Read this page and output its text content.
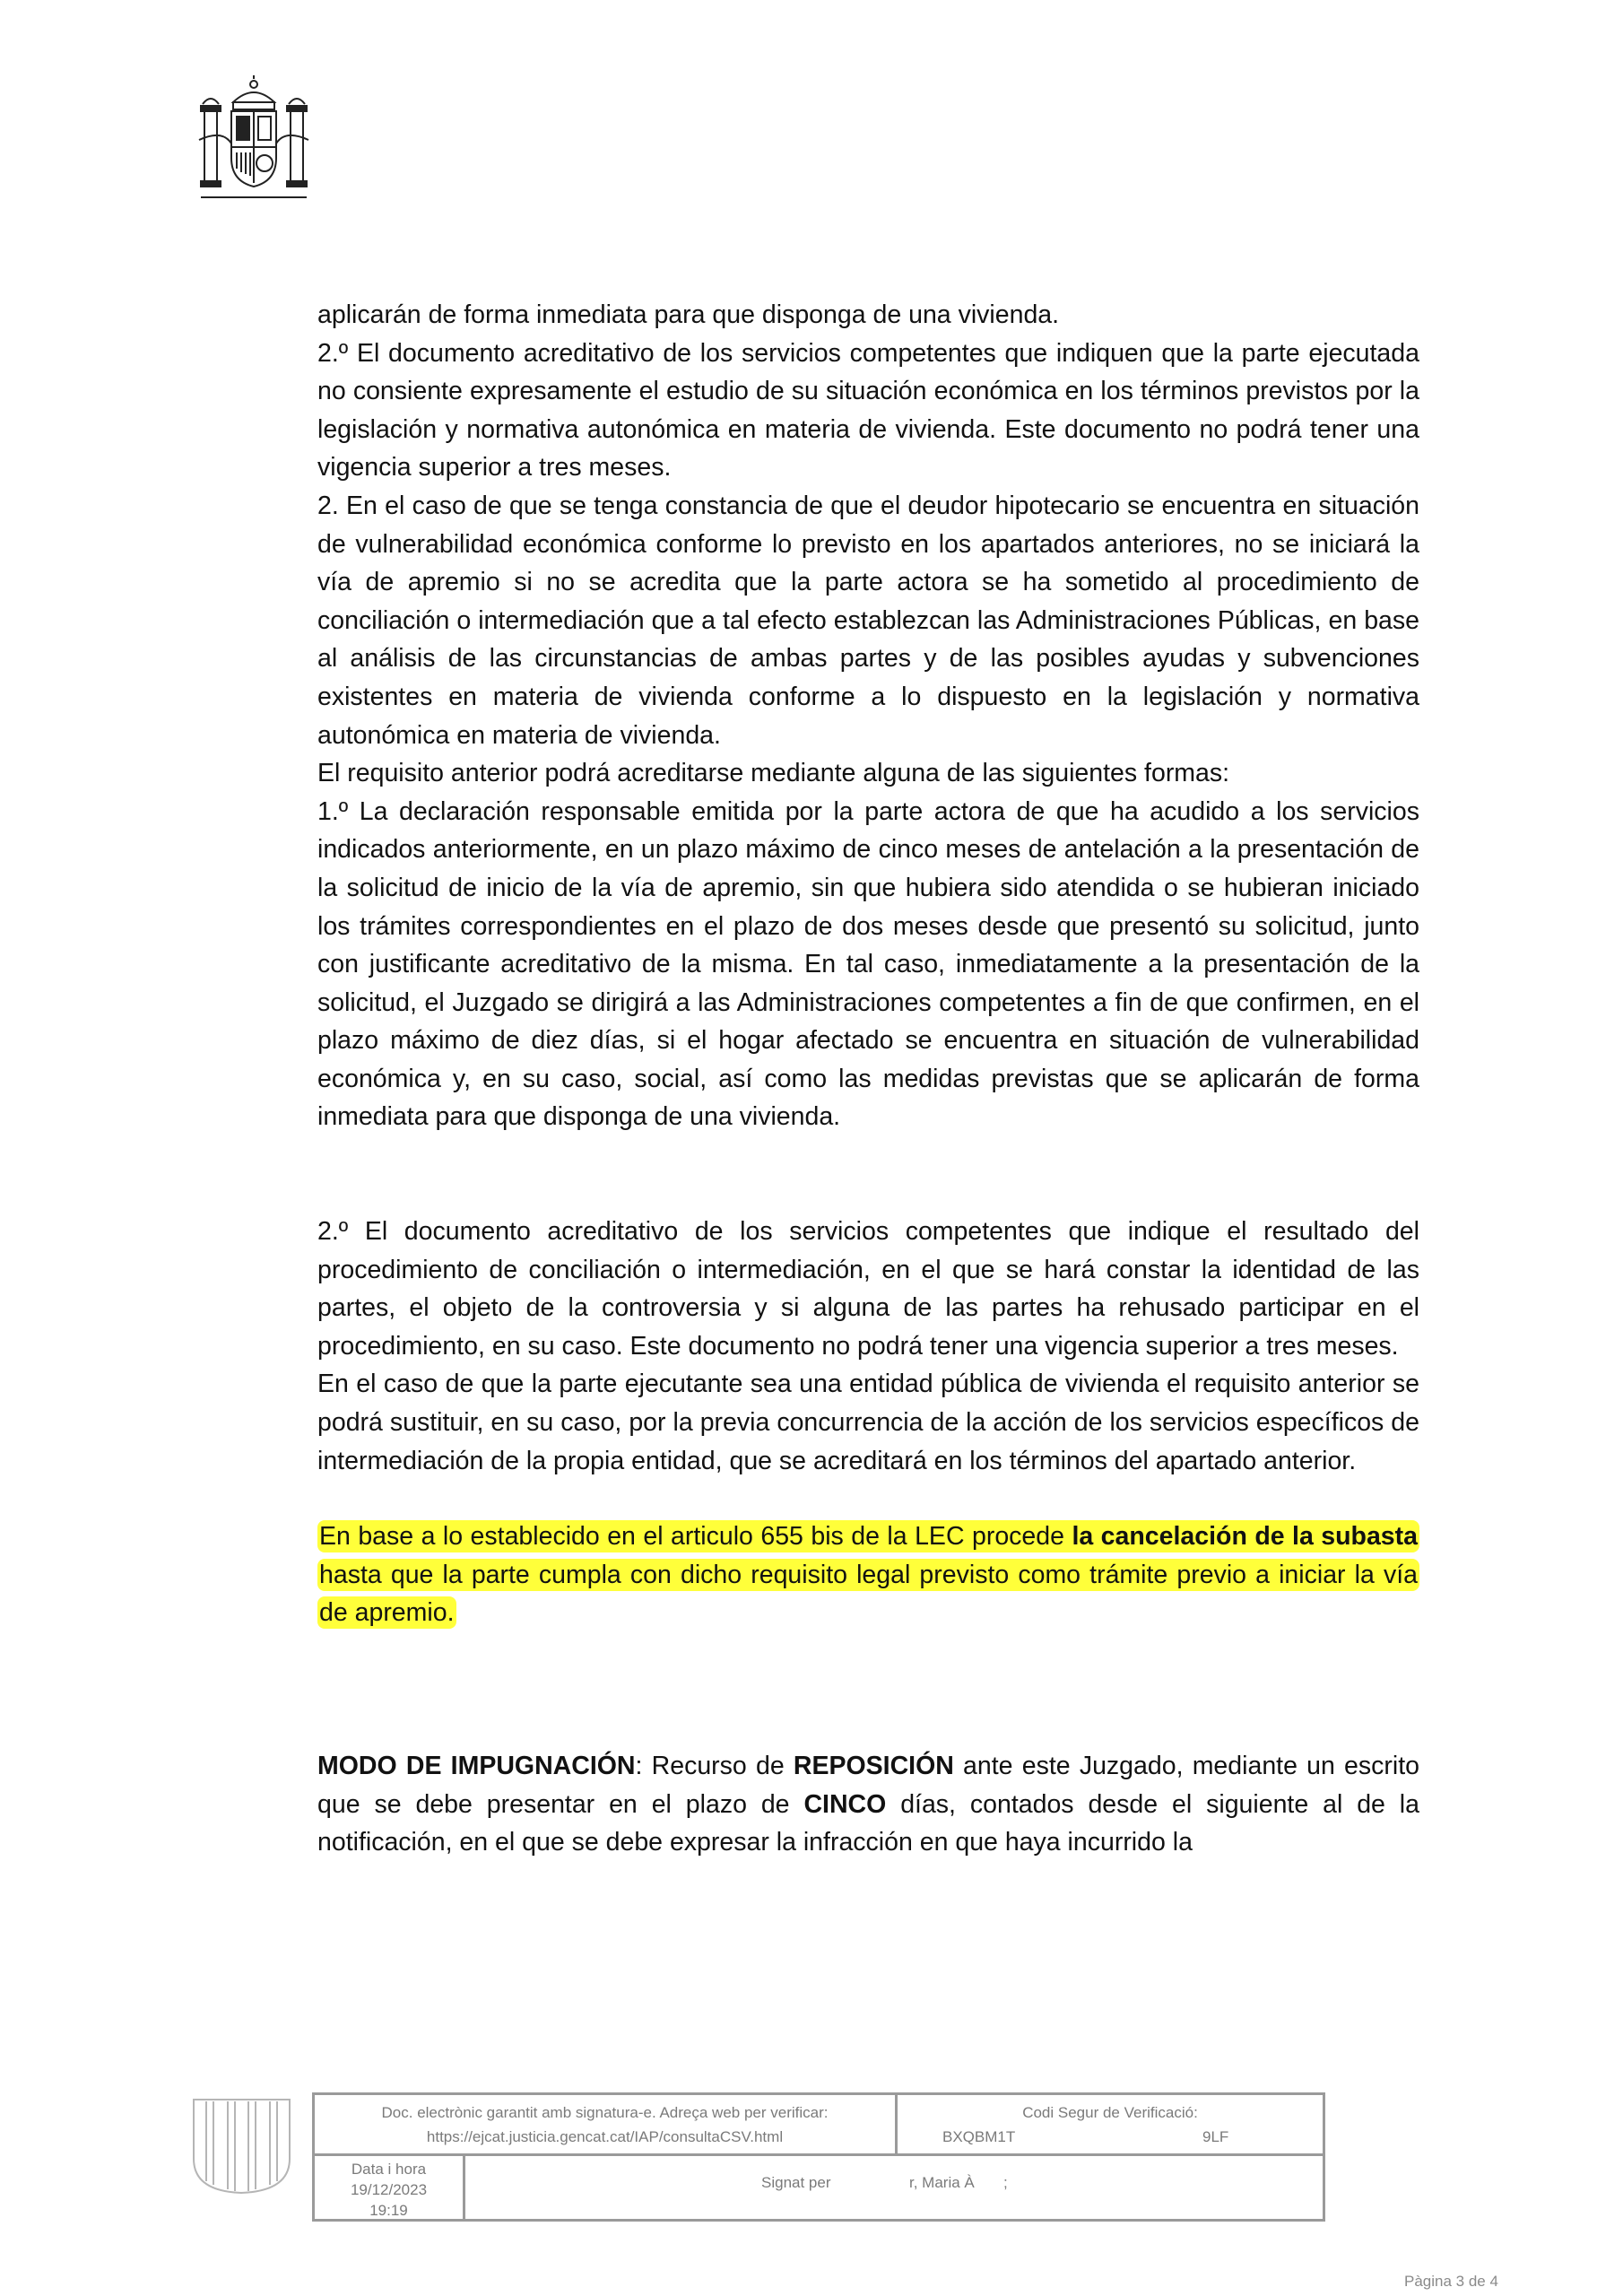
aplicarán de forma inmediata para que disponga de una vivienda.

2.º El documento acreditativo de los servicios competentes que indiquen que la parte ejecutada no consiente expresamente el estudio de su situación económica en los términos previstos por la legislación y normativa autonómica en materia de vivienda. Este documento no podrá tener una vigencia superior a tres meses.

2. En el caso de que se tenga constancia de que el deudor hipotecario se encuentra en situación de vulnerabilidad económica conforme lo previsto en los apartados anteriores, no se iniciará la vía de apremio si no se acredita que la parte actora se ha sometido al procedimiento de conciliación o intermediación que a tal efecto establezcan las Administraciones Públicas, en base al análisis de las circunstancias de ambas partes y de las posibles ayudas y subvenciones existentes en materia de vivienda conforme a lo dispuesto en la legislación y normativa autonómica en materia de vivienda.

El requisito anterior podrá acreditarse mediante alguna de las siguientes formas:

1.º La declaración responsable emitida por la parte actora de que ha acudido a los servicios indicados anteriormente, en un plazo máximo de cinco meses de antelación a la presentación de la solicitud de inicio de la vía de apremio, sin que hubiera sido atendida o se hubieran iniciado los trámites correspondientes en el plazo de dos meses desde que presentó su solicitud, junto con justificante acreditativo de la misma. En tal caso, inmediatamente a la presentación de la solicitud, el Juzgado se dirigirá a las Administraciones competentes a fin de que confirmen, en el plazo máximo de diez días, si el hogar afectado se encuentra en situación de vulnerabilidad económica y, en su caso, social, así como las medidas previstas que se aplicarán de forma inmediata para que disponga de una vivienda.

2.º El documento acreditativo de los servicios competentes que indique el resultado del procedimiento de conciliación o intermediación, en el que se hará constar la identidad de las partes, el objeto de la controversia y si alguna de las partes ha rehusado participar en el procedimiento, en su caso. Este documento no podrá tener una vigencia superior a tres meses.

En el caso de que la parte ejecutante sea una entidad pública de vivienda el requisito anterior se podrá sustituir, en su caso, por la previa concurrencia de la acción de los servicios específicos de intermediación de la propia entidad, que se acreditará en los términos del apartado anterior.

En base a lo establecido en el articulo 655 bis de la LEC procede la cancelación de la subasta hasta que la parte cumpla con dicho requisito legal previsto como trámite previo a iniciar la vía de apremio.

MODO DE IMPUGNACIÓN: Recurso de REPOSICIÓN ante este Juzgado, mediante un escrito que se debe presentar en el plazo de CINCO días, contados desde el siguiente al de la notificación, en el que se debe expresar la infracción en que haya incurrido la

Doc. electrònic garantit amb signatura-e. Adreça web per verificar:
https://ejcat.justicia.gencat.cat/IAP/consultaCSV.html
Codi Segur de Verificació:
BXQBM1T	9LF
Data i hora
19/12/2023
19:19
Signat per	r, Maria À ;
Pàgina 3 de 4
